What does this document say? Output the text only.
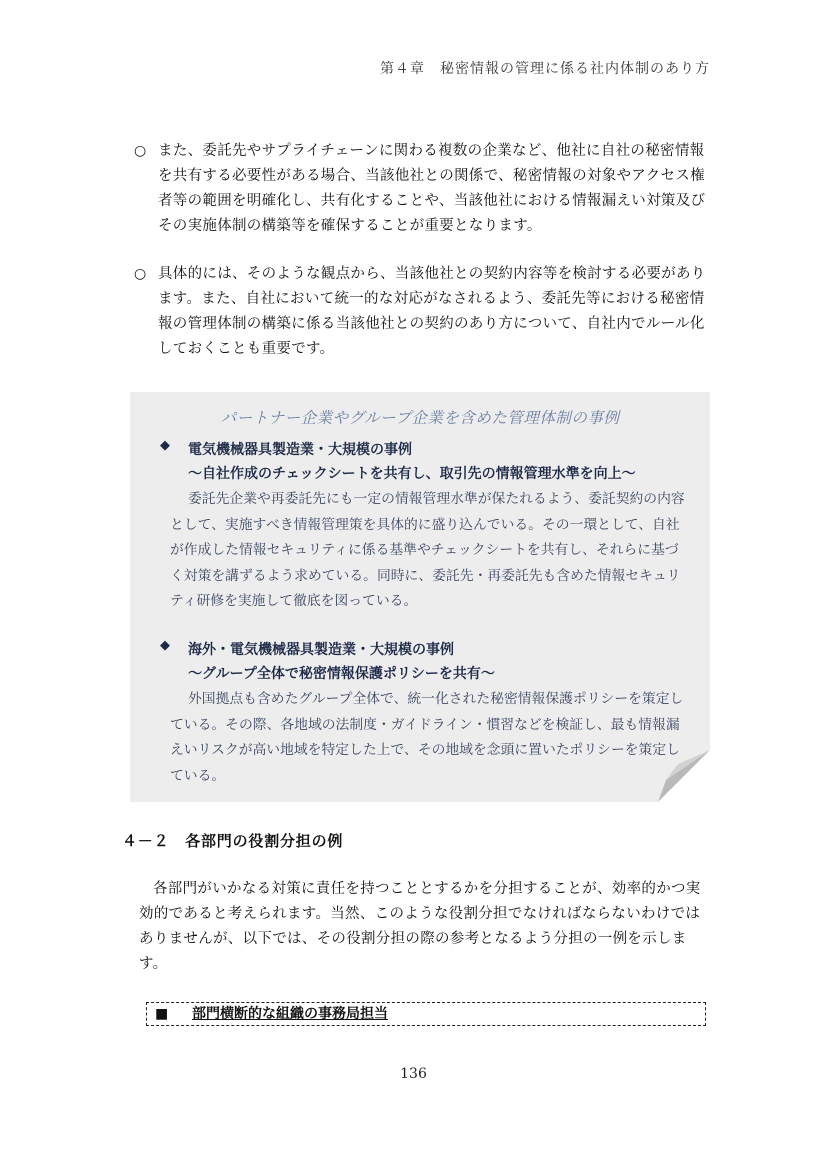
第４章　秘密情報の管理に係る社内体制のあり方
○ また、委託先やサプライチェーンに関わる複数の企業など、他社に自社の秘密情報を共有する必要性がある場合、当該他社との関係で、秘密情報の対象やアクセス権者等の範囲を明確化し、共有化することや、当該他社における情報漏えい対策及びその実施体制の構築等を確保することが重要となります。
○ 具体的には、そのような観点から、当該他社との契約内容等を検討する必要があります。また、自社において統一的な対応がなされるよう、委託先等における秘密情報の管理体制の構築に係る当該他社との契約のあり方について、自社内でルール化しておくことも重要です。
パートナー企業やグループ企業を含めた管理体制の事例
◆ 電気機械器具製造業・大規模の事例
～自社作成のチェックシートを共有し、取引先の情報管理水準を向上～
委託先企業や再委託先にも一定の情報管理水準が保たれるよう、委託契約の内容として、実施すべき情報管理策を具体的に盛り込んでいる。その一環として、自社が作成した情報セキュリティに係る基準やチェックシートを共有し、それらに基づく対策を講ずるよう求めている。同時に、委託先・再委託先も含めた情報セキュリティ研修を実施して徹底を図っている。
◆ 海外・電気機械器具製造業・大規模の事例
～グループ全体で秘密情報保護ポリシーを共有～
外国拠点も含めたグループ全体で、統一化された秘密情報保護ポリシーを策定している。その際、各地域の法制度・ガイドライン・慣習などを検証し、最も情報漏えいリスクが高い地域を特定した上で、その地域を念頭に置いたポリシーを策定している。
４－２　各部門の役割分担の例
各部門がいかなる対策に責任を持つこととするかを分担することが、効率的かつ実効的であると考えられます。当然、このような役割分担でなければならないわけではありませんが、以下では、その役割分担の際の参考となるよう分担の一例を示します。
■ 　 部門横断的な組織の事務局担当
136
